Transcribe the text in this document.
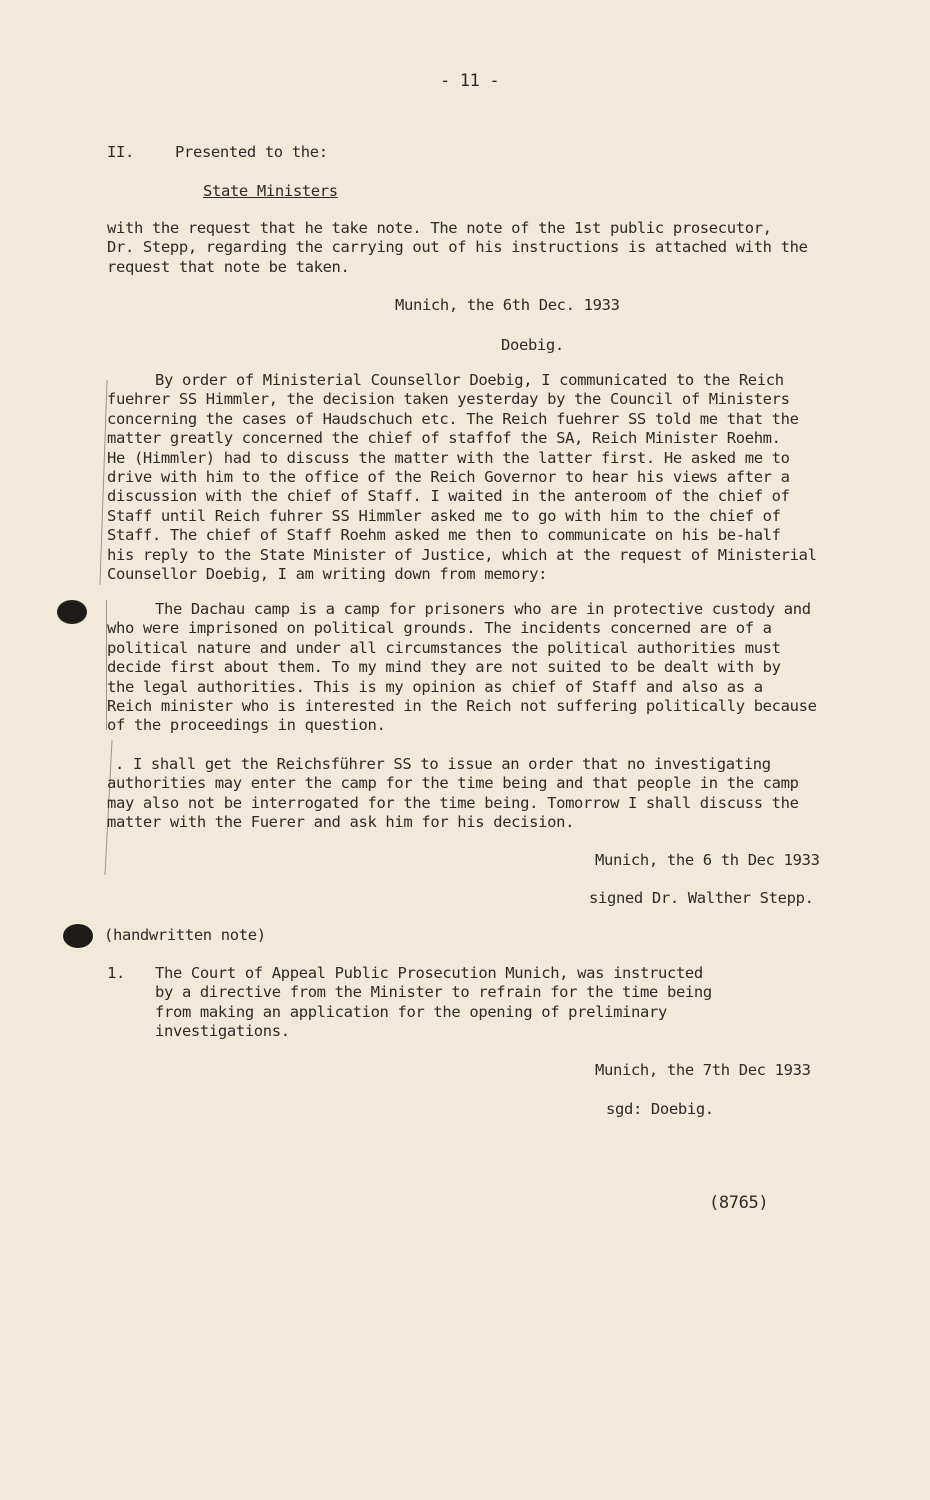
- 11 -
II.	Presented to the:
State Ministers
with the request that he take note. The note of the 1st public prosecutor,
Dr. Stepp, regarding the carrying out of his instructions is attached with the
request that note be taken.
Munich, the 6th Dec. 1933
Doebig.
By order of Ministerial Counsellor Doebig, I communicated to the Reich
fuehrer SS Himmler, the decision taken yesterday by the Council of Ministers
concerning the cases of Haudschuch etc. The Reich fuehrer SS told me that the
matter greatly concerned the chief of staffof the SA, Reich Minister Roehm.
He (Himmler) had to discuss the matter with the latter first. He asked me to
drive with him to the office of the Reich Governor to hear his views after a
discussion with the chief of Staff. I waited in the anteroom of the chief of
Staff until Reich fuhrer SS Himmler asked me to go with him to the chief of
Staff. The chief of Staff Roehm asked me then to communicate on his be-half
his reply to the State Minister of Justice, which at the request of Ministerial
Counsellor Doebig, I am writing down from memory:
The Dachau camp is a camp for prisoners who are in protective custody and
who were imprisoned on political grounds. The incidents concerned are of a
political nature and under all circumstances the political authorities must
decide first about them. To my mind they are not suited to be dealt with by
the legal authorities. This is my opinion as chief of Staff and also as a
Reich minister who is interested in the Reich not suffering politically because
of the proceedings in question.
. I shall get the Reichsführer SS to issue an order that no investigating
authorities may enter the camp for the time being and that people in the camp
may also not be interrogated for the time being. Tomorrow I shall discuss the
matter with the Fuerer and ask him for his decision.
Munich, the 6 th Dec 1933
signed Dr. Walther Stepp.
(handwritten note)
1. The Court of Appeal Public Prosecution Munich, was instructed
by a directive from the Minister to refrain for the time being
from making an application for the opening of preliminary
investigations.
Munich, the 7th Dec 1933
sgd: Doebig.
(8765)
